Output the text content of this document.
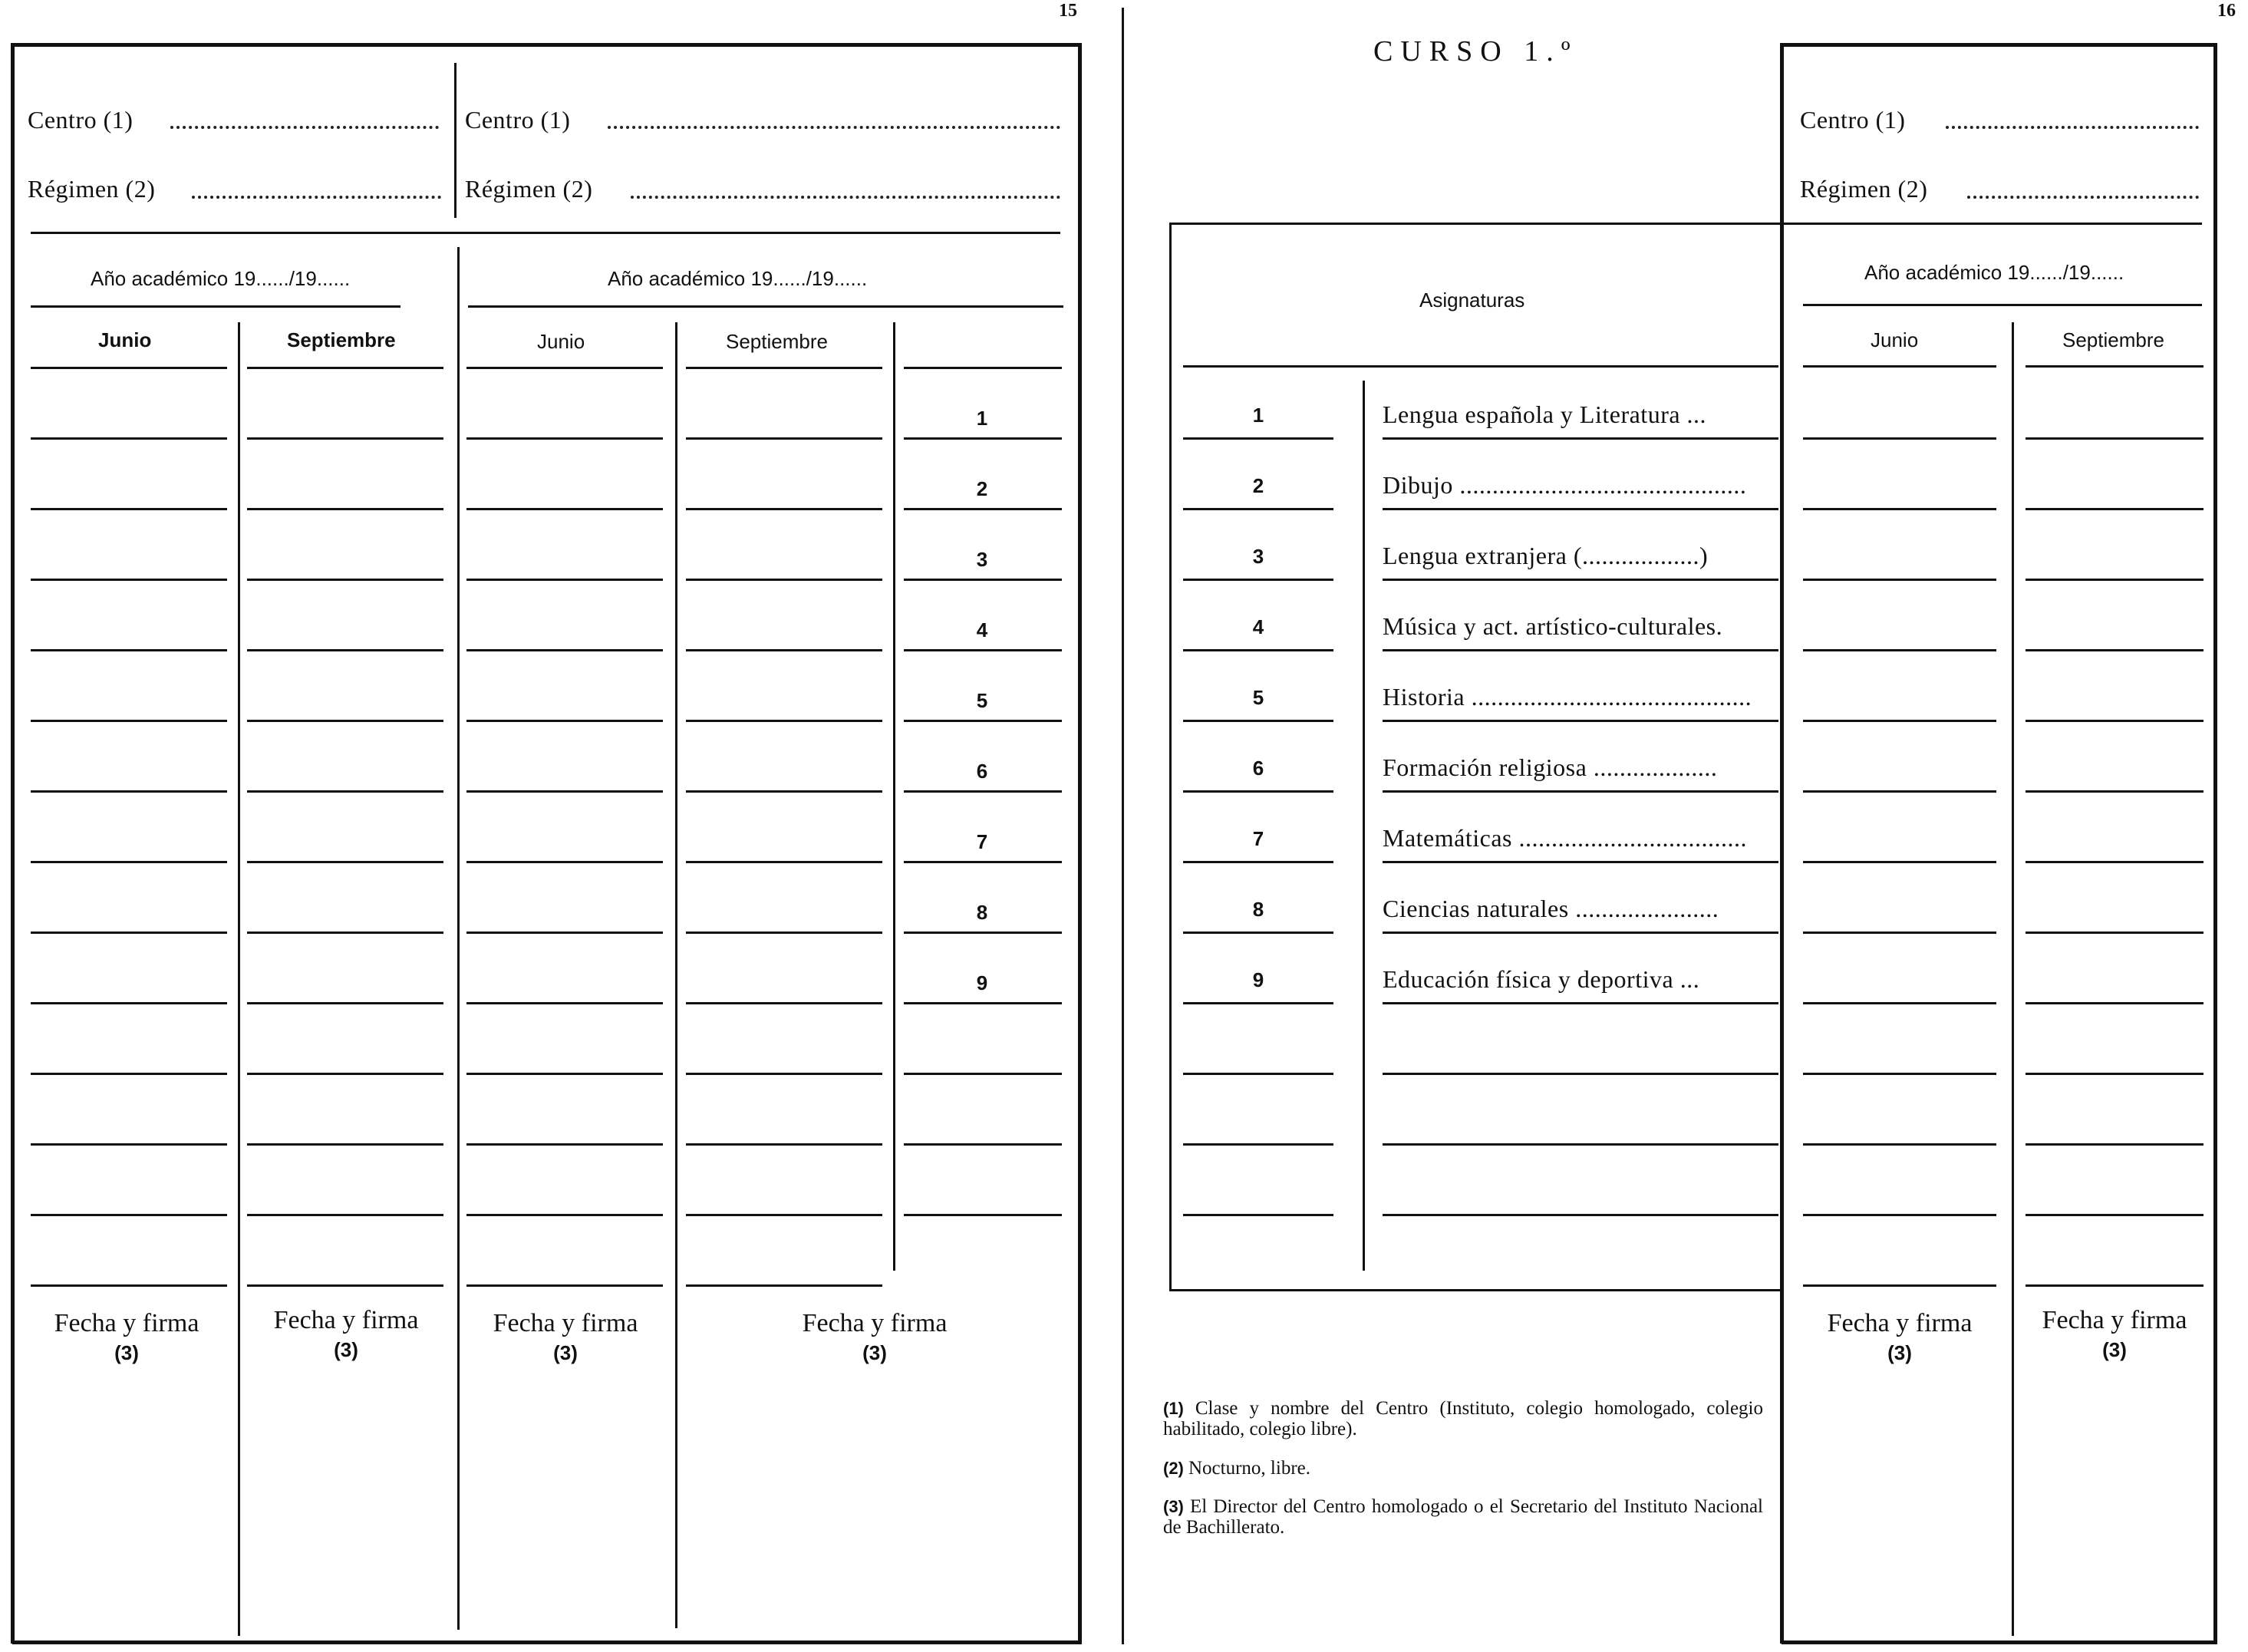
15
Centro (1)
Régimen (2)
Centro (1)
Régimen (2)
Año académico 19....../19......	Año académico 19....../19......
Junio	Septiembre	Junio	Septiembre
1
2
3
4
5
6
7
8
9
Fecha y firma
(3)
Fecha y firma
(3)
Fecha y firma
(3)
Fecha y firma
(3)
16
CURSO 1.º
Centro (1)
Régimen (2)
Asignaturas
Año académico 19....../19......
Junio	Septiembre
1	Lengua española y Literatura ...
2	Dibujo ............................................
3	Lengua extranjera (..................)
4	Música y act. artístico-culturales.
5	Historia ...........................................
6	Formación religiosa ...................
7	Matemáticas ...................................
8	Ciencias naturales ......................
9	Educación física y deportiva ...
Fecha y firma
(3)
Fecha y firma
(3)
(1) Clase y nombre del Centro (Instituto, colegio homologado, colegio habilitado, colegio libre).
(2) Nocturno, libre.
(3) El Director del Centro homologado o el Secretario del Instituto Nacional de Bachillerato.
